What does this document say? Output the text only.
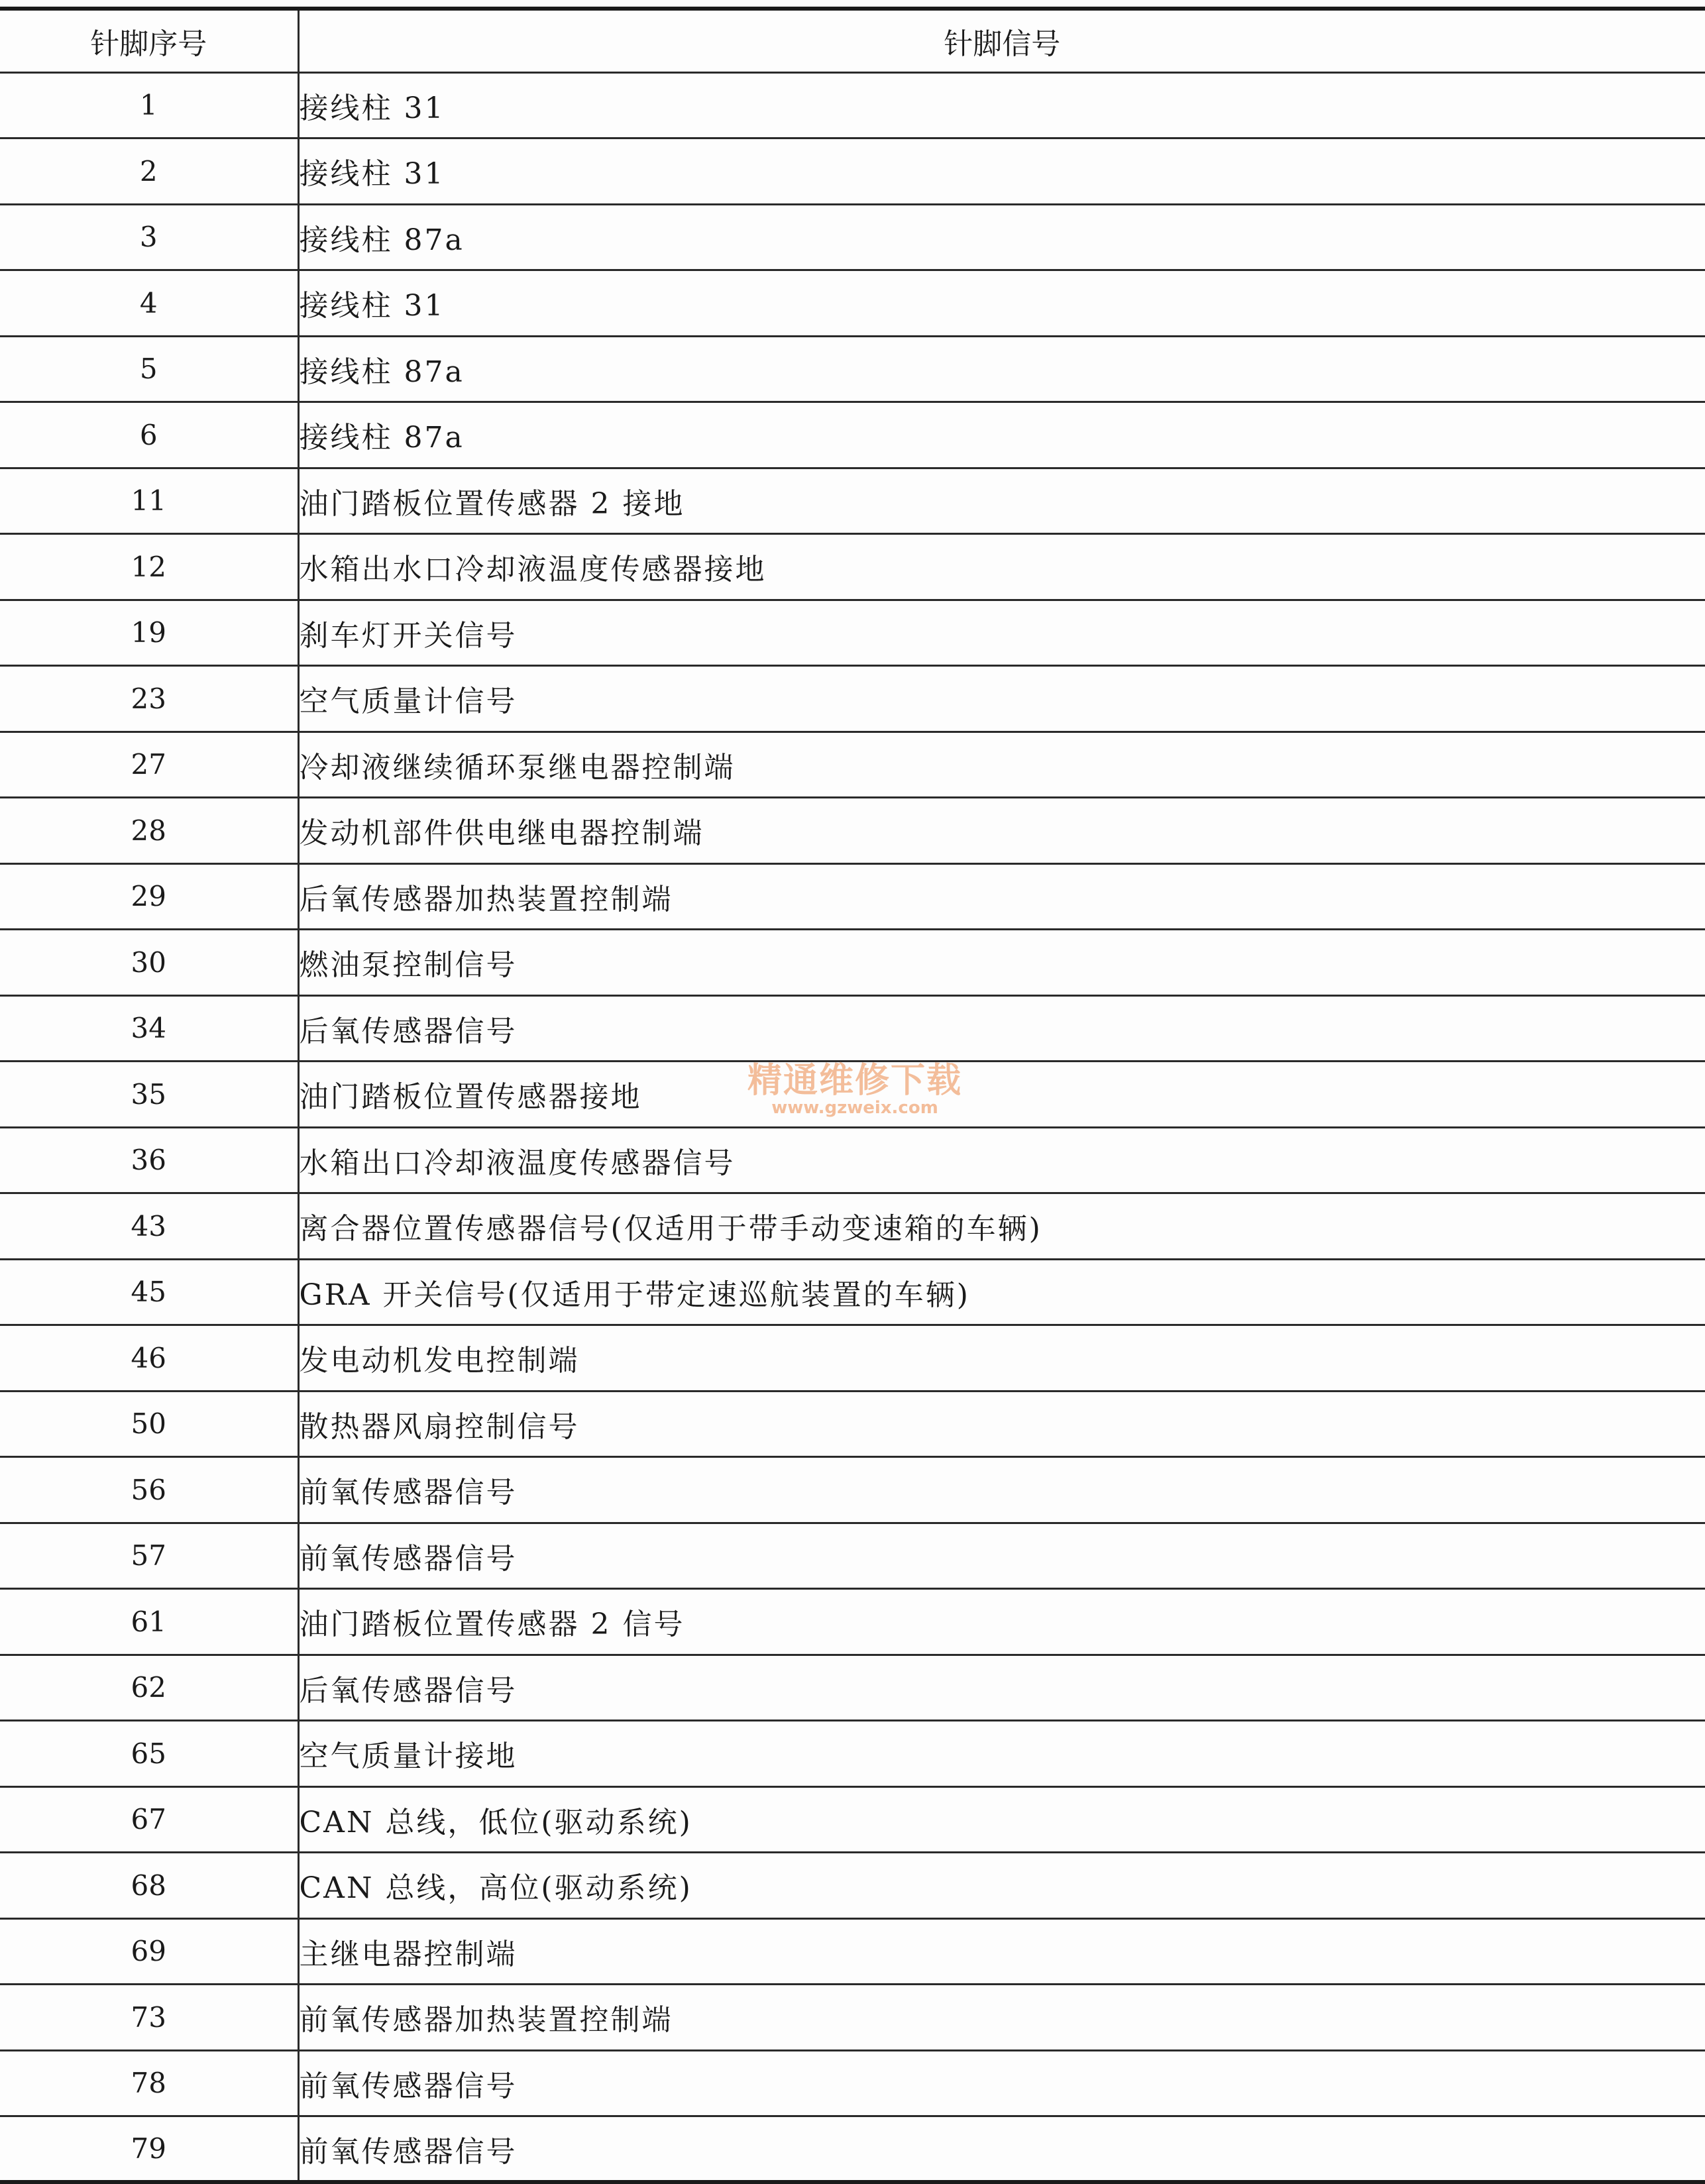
针脚序号	针脚信号
1	接线柱 31
2	接线柱 31
3	接线柱 87a
4	接线柱 31
5	接线柱 87a
6	接线柱 87a
11	油门踏板位置传感器 2 接地
12	水箱出水口冷却液温度传感器接地
19	刹车灯开关信号
23	空气质量计信号
27	冷却液继续循环泵继电器控制端
28	发动机部件供电继电器控制端
29	后氧传感器加热装置控制端
30	燃油泵控制信号
34	后氧传感器信号
35	油门踏板位置传感器接地
36	水箱出口冷却液温度传感器信号
43	离合器位置传感器信号(仅适用于带手动变速箱的车辆)
45	GRA 开关信号(仅适用于带定速巡航装置的车辆)
46	发电动机发电控制端
50	散热器风扇控制信号
56	前氧传感器信号
57	前氧传感器信号
61	油门踏板位置传感器 2 信号
62	后氧传感器信号
65	空气质量计接地
67	CAN 总线，低位(驱动系统)
68	CAN 总线，高位(驱动系统)
69	主继电器控制端
73	前氧传感器加热装置控制端
78	前氧传感器信号
79	前氧传感器信号
精通维修下载
www.gzweix.com
